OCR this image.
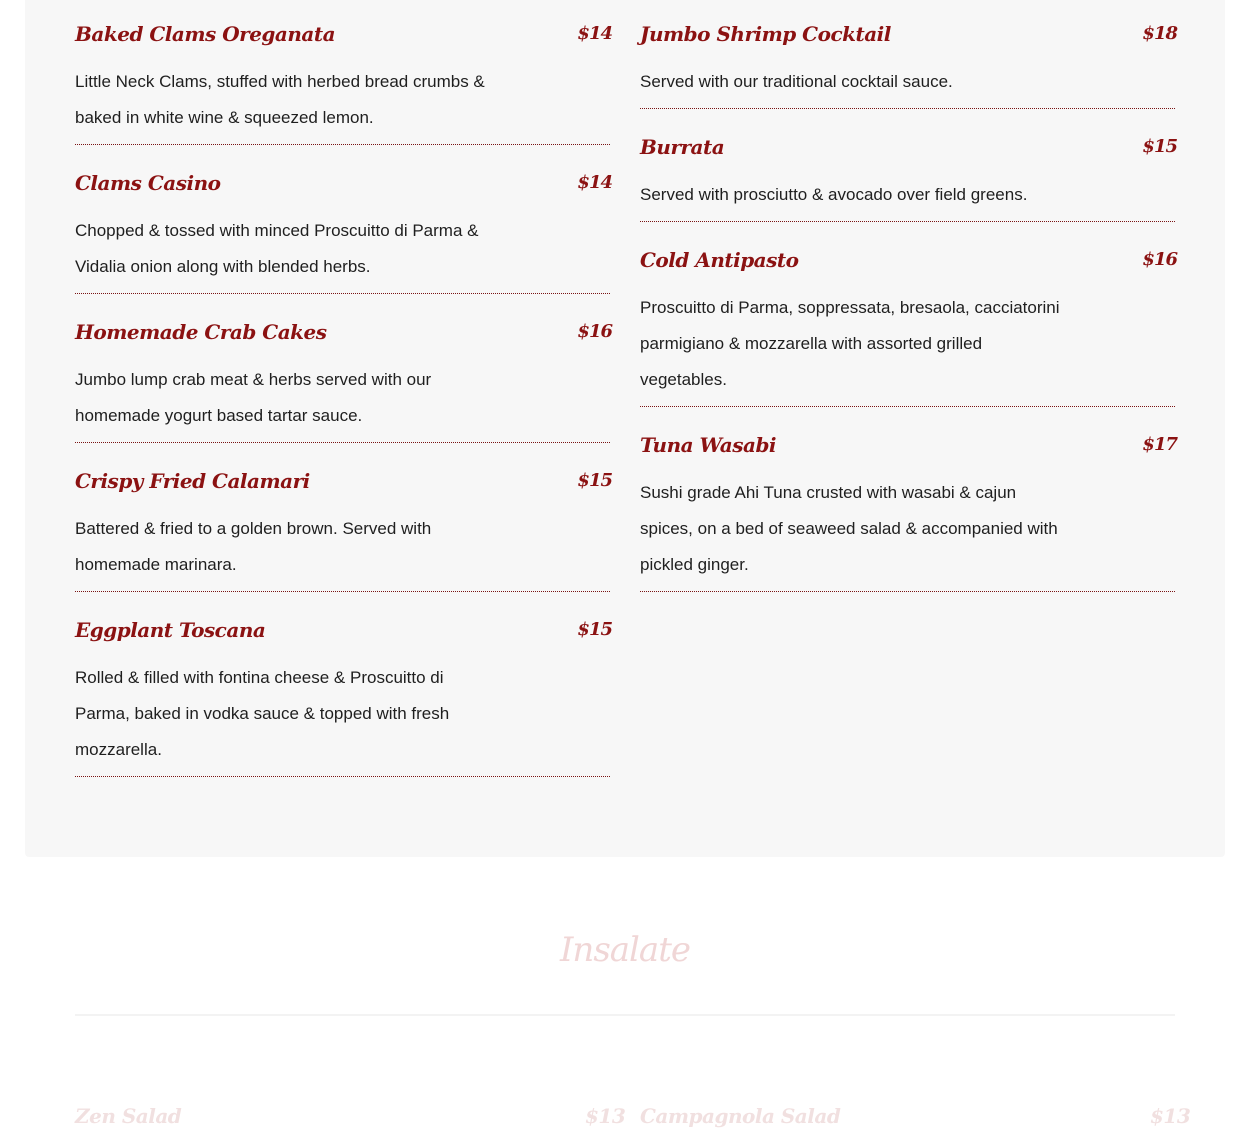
Baked Clams Oreganata	$14

Little Neck Clams, stuffed with herbed bread crumbs & baked in white wine & squeezed lemon.

Clams Casino	$14

Chopped & tossed with minced Proscuitto di Parma & Vidalia onion along with blended herbs.

Homemade Crab Cakes	$16

Jumbo lump crab meat & herbs served with our homemade yogurt based tartar sauce.

Crispy Fried Calamari	$15

Battered & fried to a golden brown. Served with homemade marinara.

Eggplant Toscana	$15

Rolled & filled with fontina cheese & Proscuitto di Parma, baked in vodka sauce & topped with fresh mozzarella.

Jumbo Shrimp Cocktail	$18

Served with our traditional cocktail sauce.

Burrata	$15

Served with prosciutto & avocado over field greens.

Cold Antipasto	$16

Proscuitto di Parma, soppressata, bresaola, cacciatorini parmigiano & mozzarella with assorted grilled vegetables.

Tuna Wasabi	$17

Sushi grade Ahi Tuna crusted with wasabi & cajun spices, on a bed of seaweed salad & accompanied with pickled ginger.

Insalate
Zen Salad	$13 Campagnola Salad	$13
